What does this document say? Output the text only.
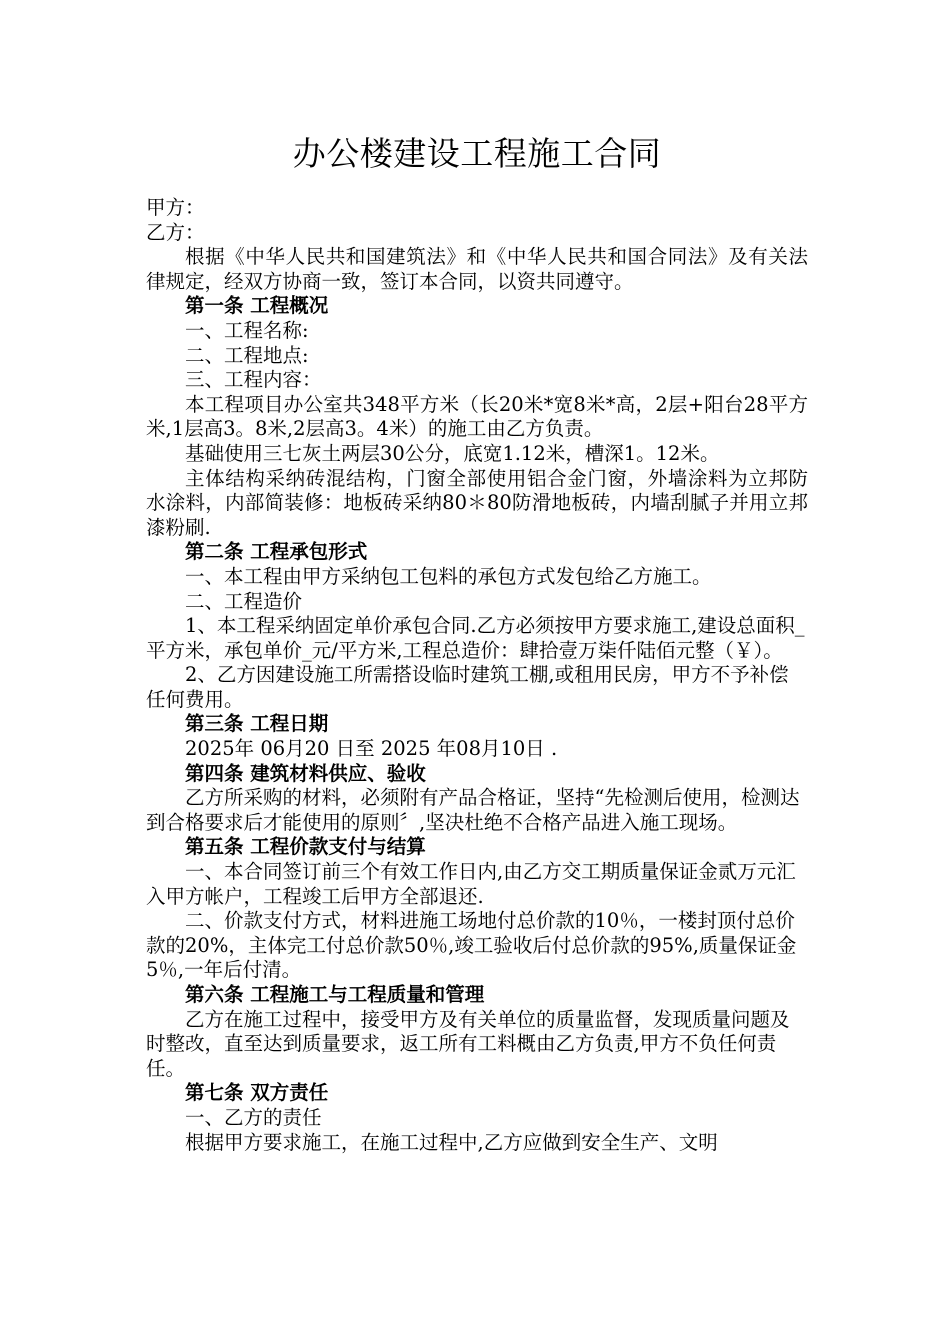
办公楼建设工程施工合同

甲方：

乙方：

根据《中华人民共和国建筑法》和《中华人民共和国合同法》及有关法律规定，经双方协商一致，签订本合同，以资共同遵守。

第一条 工程概况

一、工程名称:

二、工程地点:

三、工程内容：

本工程项目办公室共348平方米（长20米*宽8米*高，2层+阳台28平方米,1层高3。8米,2层高3。4米）的施工由乙方负责。

基础使用三七灰土两层30公分，底宽1.12米，槽深1。12米。

主体结构采纳砖混结构，门窗全部使用铝合金门窗，外墙涂料为立邦防水涂料，内部简装修：地板砖采纳80＊80防滑地板砖，内墙刮腻子并用立邦漆粉刷.

第二条 工程承包形式

一、本工程由甲方采纳包工包料的承包方式发包给乙方施工。

二、工程造价

1、本工程采纳固定单价承包合同.乙方必须按甲方要求施工,建设总面积_平方米，承包单价_元/平方米,工程总造价：肆拾壹万柒仟陆佰元整（￥）。

2、乙方因建设施工所需搭设临时建筑工棚,或租用民房，甲方不予补偿任何费用。

第三条 工程日期

2025年 06月20 日至 2025 年08月10日 .

第四条 建筑材料供应、验收

乙方所采购的材料，必须附有产品合格证，坚持“先检测后使用，检测达到合格要求后才能使用的原则〞,坚决杜绝不合格产品进入施工现场。

第五条 工程价款支付与结算

一、本合同签订前三个有效工作日内,由乙方交工期质量保证金贰万元汇入甲方帐户，工程竣工后甲方全部退还.

二、价款支付方式，材料进施工场地付总价款的10％，一楼封顶付总价款的20%，主体完工付总价款50％,竣工验收后付总价款的95%,质量保证金5％,一年后付清。

第六条 工程施工与工程质量和管理

乙方在施工过程中，接受甲方及有关单位的质量监督，发现质量问题及时整改，直至达到质量要求，返工所有工料概由乙方负责,甲方不负任何责任。

第七条 双方责任

一、乙方的责任

根据甲方要求施工，在施工过程中,乙方应做到安全生产、文明
